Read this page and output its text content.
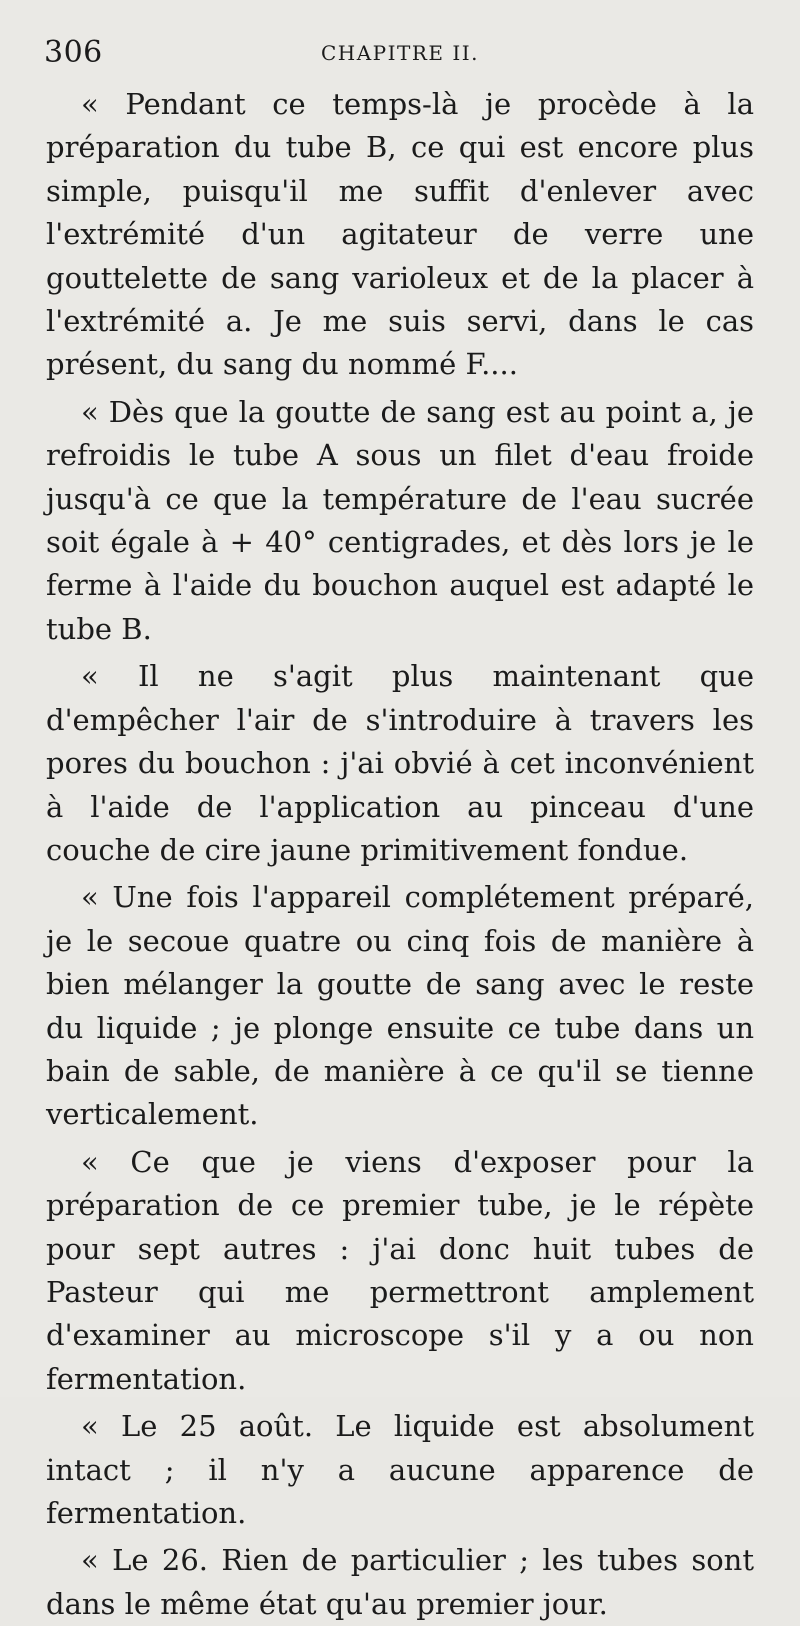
306	CHAPITRE II.

« Pendant ce temps-là je procède à la préparation du tube B, ce qui est encore plus simple, puisqu'il me suffit d'enlever avec l'extrémité d'un agitateur de verre une gouttelette de sang varioleux et de la placer à l'extrémité a. Je me suis servi, dans le cas présent, du sang du nommé F....

« Dès que la goutte de sang est au point a, je refroidis le tube A sous un filet d'eau froide jusqu'à ce que la température de l'eau sucrée soit égale à + 40° centigrades, et dès lors je le ferme à l'aide du bouchon auquel est adapté le tube B.

« Il ne s'agit plus maintenant que d'empêcher l'air de s'introduire à travers les pores du bouchon : j'ai obvié à cet inconvénient à l'aide de l'application au pinceau d'une couche de cire jaune primitivement fondue.

« Une fois l'appareil complétement préparé, je le secoue quatre ou cinq fois de manière à bien mélanger la goutte de sang avec le reste du liquide ; je plonge ensuite ce tube dans un bain de sable, de manière à ce qu'il se tienne verticalement.

« Ce que je viens d'exposer pour la préparation de ce premier tube, je le répète pour sept autres : j'ai donc huit tubes de Pasteur qui me permettront amplement d'examiner au microscope s'il y a ou non fermentation.

« Le 25 août. Le liquide est absolument intact ; il n'y a aucune apparence de fermentation.

« Le 26. Rien de particulier ; les tubes sont dans le même état qu'au premier jour.
